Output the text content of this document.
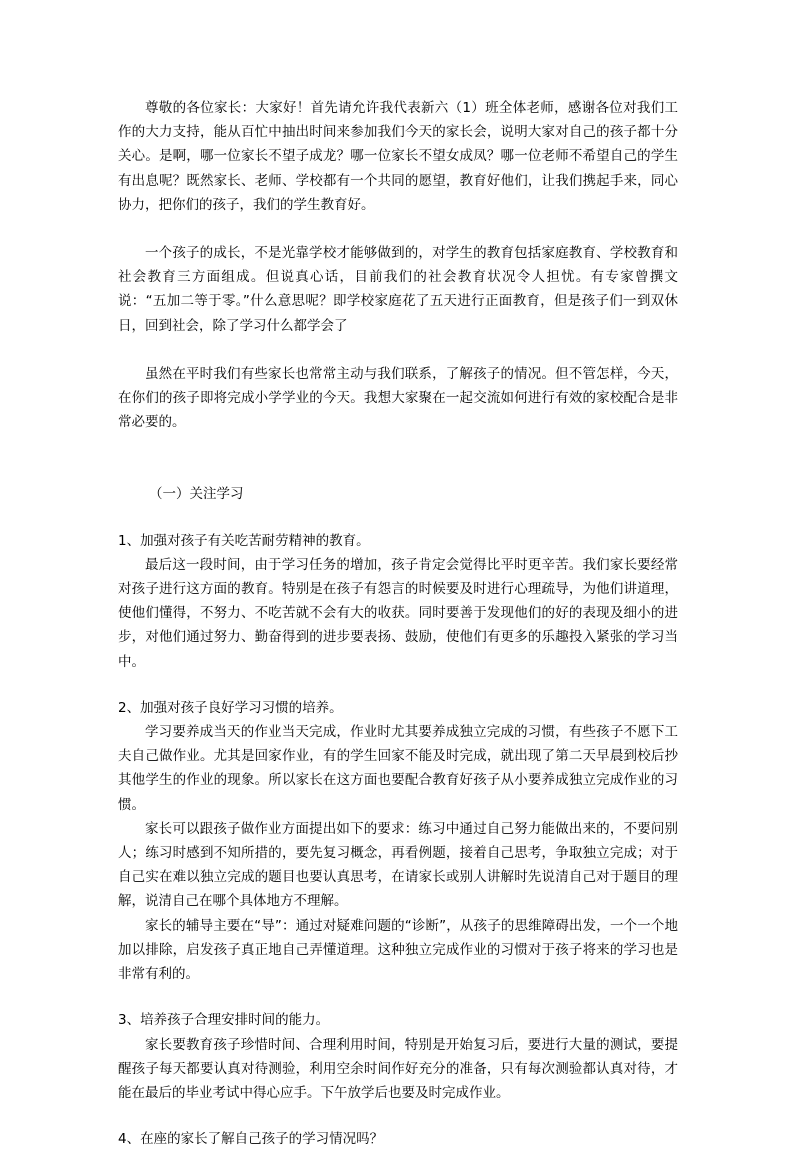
尊敬的各位家长：大家好！首先请允许我代表新六（1）班全体老师，感谢各位对我们工作的大力支持，能从百忙中抽出时间来参加我们今天的家长会，说明大家对自己的孩子都十分关心。是啊，哪一位家长不望子成龙？哪一位家长不望女成凤？哪一位老师不希望自己的学生有出息呢？既然家长、老师、学校都有一个共同的愿望，教育好他们，让我们携起手来，同心协力，把你们的孩子，我们的学生教育好。

一个孩子的成长，不是光靠学校才能够做到的，对学生的教育包括家庭教育、学校教育和社会教育三方面组成。但说真心话，目前我们的社会教育状况令人担忧。有专家曾撰文说：“五加二等于零。”什么意思呢？即学校家庭花了五天进行正面教育，但是孩子们一到双休日，回到社会，除了学习什么都学会了

虽然在平时我们有些家长也常常主动与我们联系，了解孩子的情况。但不管怎样，今天，在你们的孩子即将完成小学学业的今天。我想大家聚在一起交流如何进行有效的家校配合是非常必要的。

（一）关注学习

1、加强对孩子有关吃苦耐劳精神的教育。

最后这一段时间，由于学习任务的增加，孩子肯定会觉得比平时更辛苦。我们家长要经常对孩子进行这方面的教育。特别是在孩子有怨言的时候要及时进行心理疏导，为他们讲道理，使他们懂得，不努力、不吃苦就不会有大的收获。同时要善于发现他们的好的表现及细小的进步，对他们通过努力、勤奋得到的进步要表扬、鼓励，使他们有更多的乐趣投入紧张的学习当中。

2、加强对孩子良好学习习惯的培养。

学习要养成当天的作业当天完成，作业时尤其要养成独立完成的习惯，有些孩子不愿下工夫自己做作业。尤其是回家作业，有的学生回家不能及时完成，就出现了第二天早晨到校后抄其他学生的作业的现象。所以家长在这方面也要配合教育好孩子从小要养成独立完成作业的习惯。

家长可以跟孩子做作业方面提出如下的要求：练习中通过自己努力能做出来的，不要问别人；练习时感到不知所措的，要先复习概念，再看例题，接着自己思考，争取独立完成；对于自己实在难以独立完成的题目也要认真思考，在请家长或别人讲解时先说清自己对于题目的理解，说清自己在哪个具体地方不理解。

家长的辅导主要在“导”：通过对疑难问题的“诊断”，从孩子的思维障碍出发，一个一个地加以排除，启发孩子真正地自己弄懂道理。这种独立完成作业的习惯对于孩子将来的学习也是非常有利的。

3、培养孩子合理安排时间的能力。

家长要教育孩子珍惜时间、合理利用时间，特别是开始复习后，要进行大量的测试，要提醒孩子每天都要认真对待测验，利用空余时间作好充分的准备，只有每次测验都认真对待，才能在最后的毕业考试中得心应手。下午放学后也要及时完成作业。

4、在座的家长了解自己孩子的学习情况吗？
